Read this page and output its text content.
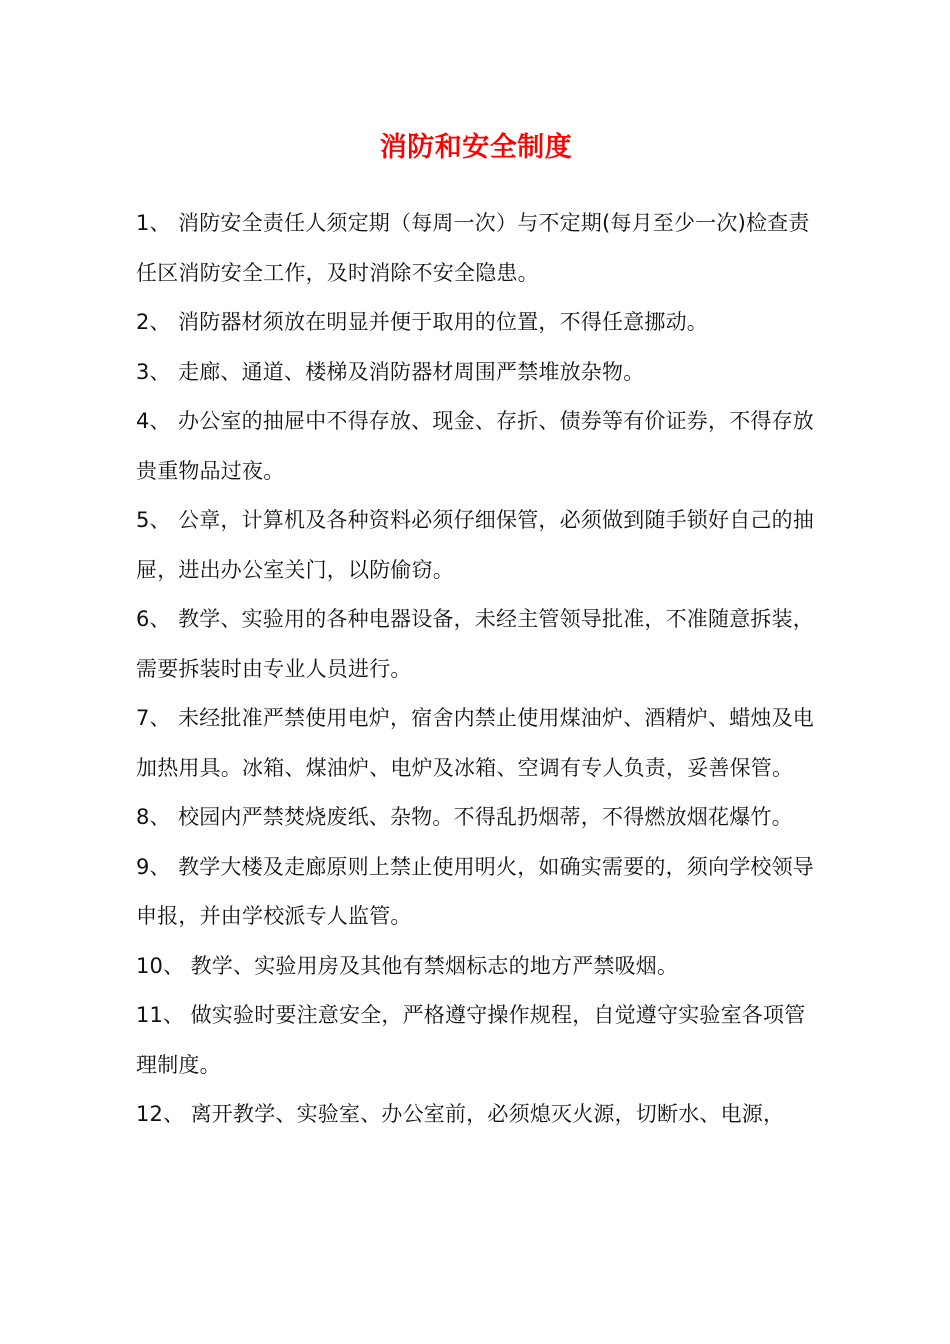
消防和安全制度
1、 消防安全责任人须定期（每周一次）与不定期(每月至少一次)检查责任区消防安全工作，及时消除不安全隐患。
2、 消防器材须放在明显并便于取用的位置，不得任意挪动。
3、 走廊、通道、楼梯及消防器材周围严禁堆放杂物。
4、 办公室的抽屉中不得存放、现金、存折、债券等有价证券，不得存放贵重物品过夜。
5、 公章，计算机及各种资料必须仔细保管，必须做到随手锁好自己的抽屉，进出办公室关门，以防偷窃。
6、 教学、实验用的各种电器设备，未经主管领导批准，不准随意拆装，需要拆装时由专业人员进行。
7、 未经批准严禁使用电炉，宿舍内禁止使用煤油炉、酒精炉、蜡烛及电加热用具。冰箱、煤油炉、电炉及冰箱、空调有专人负责，妥善保管。
8、 校园内严禁焚烧废纸、杂物。不得乱扔烟蒂，不得燃放烟花爆竹。
9、 教学大楼及走廊原则上禁止使用明火，如确实需要的，须向学校领导申报，并由学校派专人监管。
10、 教学、实验用房及其他有禁烟标志的地方严禁吸烟。
11、 做实验时要注意安全，严格遵守操作规程，自觉遵守实验室各项管理制度。
12、 离开教学、实验室、办公室前，必须熄灭火源，切断水、电源，
